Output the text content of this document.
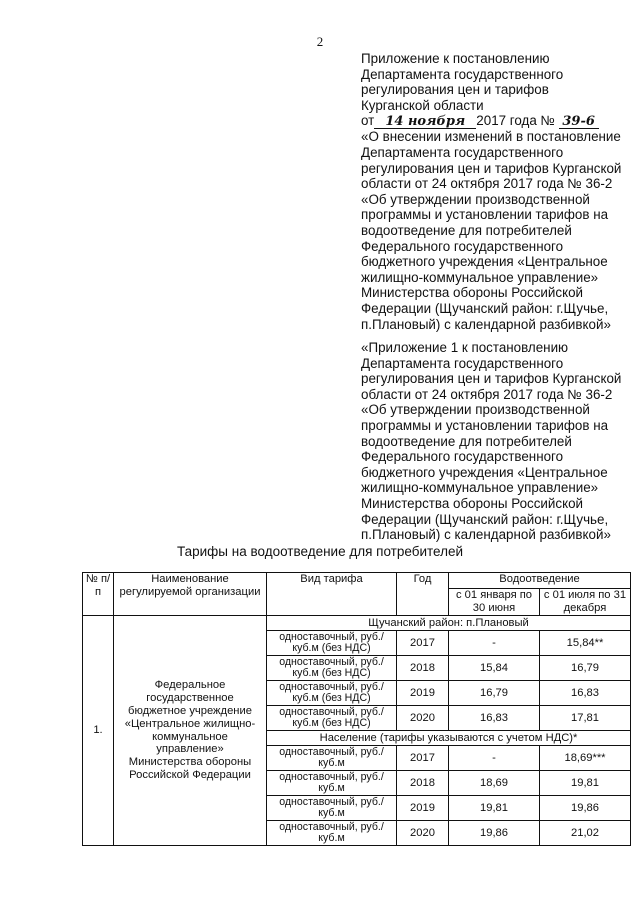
2
Приложение к постановлению
Департамента государственного
регулирования цен и тарифов
Курганской области
от 14 ноября 2017 года № 39-6
«О внесении изменений в постановление
Департамента государственного
регулирования цен и тарифов Курганской
области от 24 октября 2017 года № 36-2
«Об утверждении производственной
программы и установлении тарифов на
водоотведение для потребителей
Федерального государственного
бюджетного учреждения «Центральное
жилищно-коммунальное управление»
Министерства обороны Российской
Федерации (Щучанский район: г.Щучье,
п.Плановый) с календарной разбивкой»
«Приложение 1 к постановлению
Департамента государственного
регулирования цен и тарифов Курганской
области от 24 октября 2017 года № 36-2
«Об утверждении производственной
программы и установлении тарифов на
водоотведение для потребителей
Федерального государственного
бюджетного учреждения «Центральное
жилищно-коммунальное управление»
Министерства обороны Российской
Федерации (Щучанский район: г.Щучье,
п.Плановый) с календарной разбивкой»
Тарифы на водоотведение для потребителей
№ п/п	Наименование регулируемой организации	Вид тарифа	Год	Водоотведение	
				с 01 января по 30 июня	с 01 июля по 31 декабря
1.	Федеральное государственное бюджетное учреждение «Центральное жилищно-коммунальное управление» Министерства обороны Российской Федерации	Щучанский район: п.Плановый			
		одноставочный, руб./куб.м (без НДС)	2017	-	15,84**
		одноставочный, руб./куб.м (без НДС)	2018	15,84	16,79
		одноставочный, руб./куб.м (без НДС)	2019	16,79	16,83
		одноставочный, руб./куб.м (без НДС)	2020	16,83	17,81
		Население (тарифы указываются с учетом НДС)*			
		одноставочный, руб./куб.м	2017	-	18,69***
		одноставочный, руб./куб.м	2018	18,69	19,81
		одноставочный, руб./куб.м	2019	19,81	19,86
		одноставочный, руб./куб.м	2020	19,86	21,02
